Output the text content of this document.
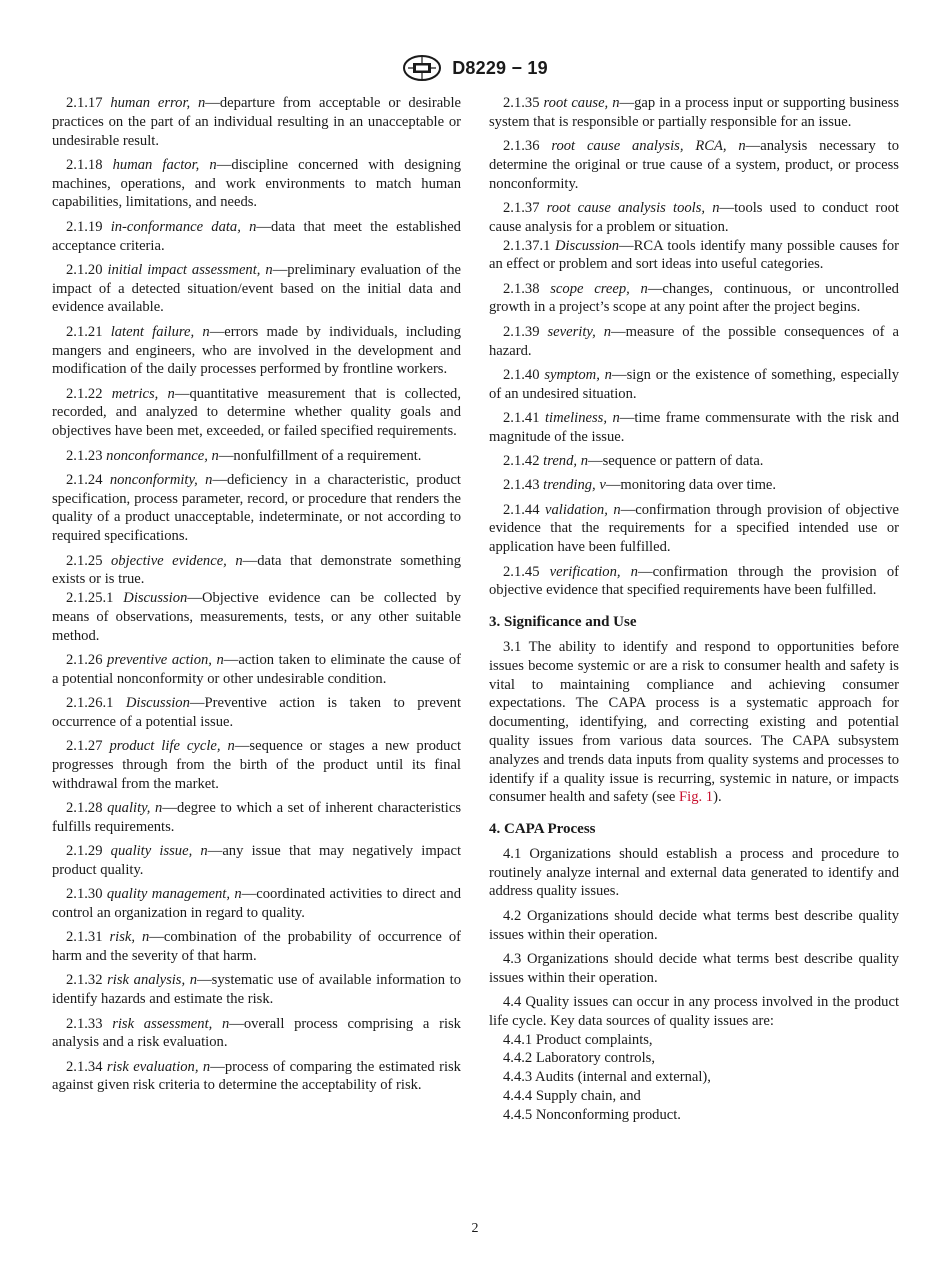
D8229 − 19

2.1.17 human error, n—departure from acceptable or desirable practices on the part of an individual resulting in an unacceptable or undesirable result.

2.1.18 human factor, n—discipline concerned with designing machines, operations, and work environments to match human capabilities, limitations, and needs.

2.1.19 in-conformance data, n—data that meet the established acceptance criteria.

2.1.20 initial impact assessment, n—preliminary evaluation of the impact of a detected situation/event based on the initial data and evidence available.

2.1.21 latent failure, n—errors made by individuals, including mangers and engineers, who are involved in the development and modification of the daily processes performed by frontline workers.

2.1.22 metrics, n—quantitative measurement that is collected, recorded, and analyzed to determine whether quality goals and objectives have been met, exceeded, or failed specified requirements.

2.1.23 nonconformance, n—nonfulfillment of a requirement.

2.1.24 nonconformity, n—deficiency in a characteristic, product specification, process parameter, record, or procedure that renders the quality of a product unacceptable, indeterminate, or not according to required specifications.

2.1.25 objective evidence, n—data that demonstrate something exists or is true.

2.1.25.1 Discussion—Objective evidence can be collected by means of observations, measurements, tests, or any other suitable method.

2.1.26 preventive action, n—action taken to eliminate the cause of a potential nonconformity or other undesirable condition.

2.1.26.1 Discussion—Preventive action is taken to prevent occurrence of a potential issue.

2.1.27 product life cycle, n—sequence or stages a new product progresses through from the birth of the product until its final withdrawal from the market.

2.1.28 quality, n—degree to which a set of inherent characteristics fulfills requirements.

2.1.29 quality issue, n—any issue that may negatively impact product quality.

2.1.30 quality management, n—coordinated activities to direct and control an organization in regard to quality.

2.1.31 risk, n—combination of the probability of occurrence of harm and the severity of that harm.

2.1.32 risk analysis, n—systematic use of available information to identify hazards and estimate the risk.

2.1.33 risk assessment, n—overall process comprising a risk analysis and a risk evaluation.

2.1.34 risk evaluation, n—process of comparing the estimated risk against given risk criteria to determine the acceptability of risk.

2.1.35 root cause, n—gap in a process input or supporting business system that is responsible or partially responsible for an issue.

2.1.36 root cause analysis, RCA, n—analysis necessary to determine the original or true cause of a system, product, or process nonconformity.

2.1.37 root cause analysis tools, n—tools used to conduct root cause analysis for a problem or situation.

2.1.37.1 Discussion—RCA tools identify many possible causes for an effect or problem and sort ideas into useful categories.

2.1.38 scope creep, n—changes, continuous, or uncontrolled growth in a project’s scope at any point after the project begins.

2.1.39 severity, n—measure of the possible consequences of a hazard.

2.1.40 symptom, n—sign or the existence of something, especially of an undesired situation.

2.1.41 timeliness, n—time frame commensurate with the risk and magnitude of the issue.

2.1.42 trend, n—sequence or pattern of data.

2.1.43 trending, v—monitoring data over time.

2.1.44 validation, n—confirmation through provision of objective evidence that the requirements for a specified intended use or application have been fulfilled.

2.1.45 verification, n—confirmation through the provision of objective evidence that specified requirements have been fulfilled.

3. Significance and Use

3.1 The ability to identify and respond to opportunities before issues become systemic or are a risk to consumer health and safety is vital to maintaining compliance and achieving consumer expectations. The CAPA process is a systematic approach for documenting, identifying, and correcting existing and potential quality issues from various data sources. The CAPA subsystem analyzes and trends data inputs from quality systems and processes to identify if a quality issue is recurring, systemic in nature, or impacts consumer health and safety (see Fig. 1).

4. CAPA Process

4.1 Organizations should establish a process and procedure to routinely analyze internal and external data generated to identify and address quality issues.

4.2 Organizations should decide what terms best describe quality issues within their operation.

4.3 Organizations should decide what terms best describe quality issues within their operation.

4.4 Quality issues can occur in any process involved in the product life cycle. Key data sources of quality issues are:

4.4.1 Product complaints,
4.4.2 Laboratory controls,
4.4.3 Audits (internal and external),
4.4.4 Supply chain, and
4.4.5 Nonconforming product.
2
